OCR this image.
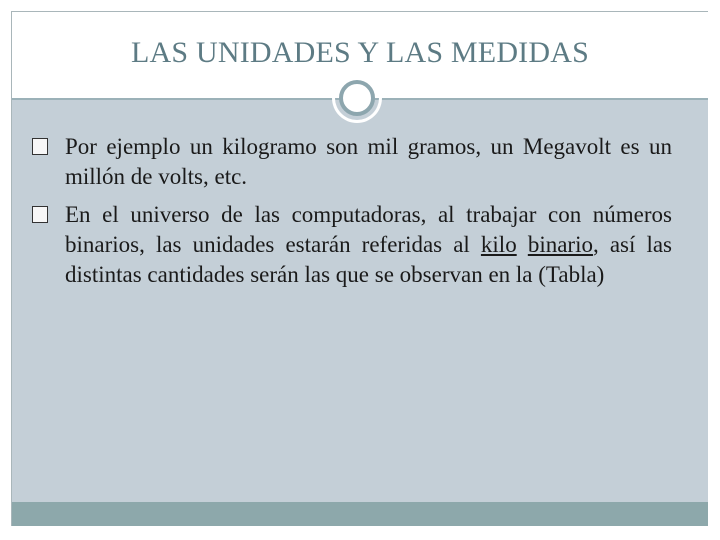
LAS UNIDADES Y LAS MEDIDAS
Por ejemplo un kilogramo son mil gramos, un Megavolt es un millón de volts, etc.
En el universo de las computadoras, al trabajar con números binarios, las unidades estarán referidas al kilo binario, así las distintas cantidades serán las que se observan en la (Tabla)
